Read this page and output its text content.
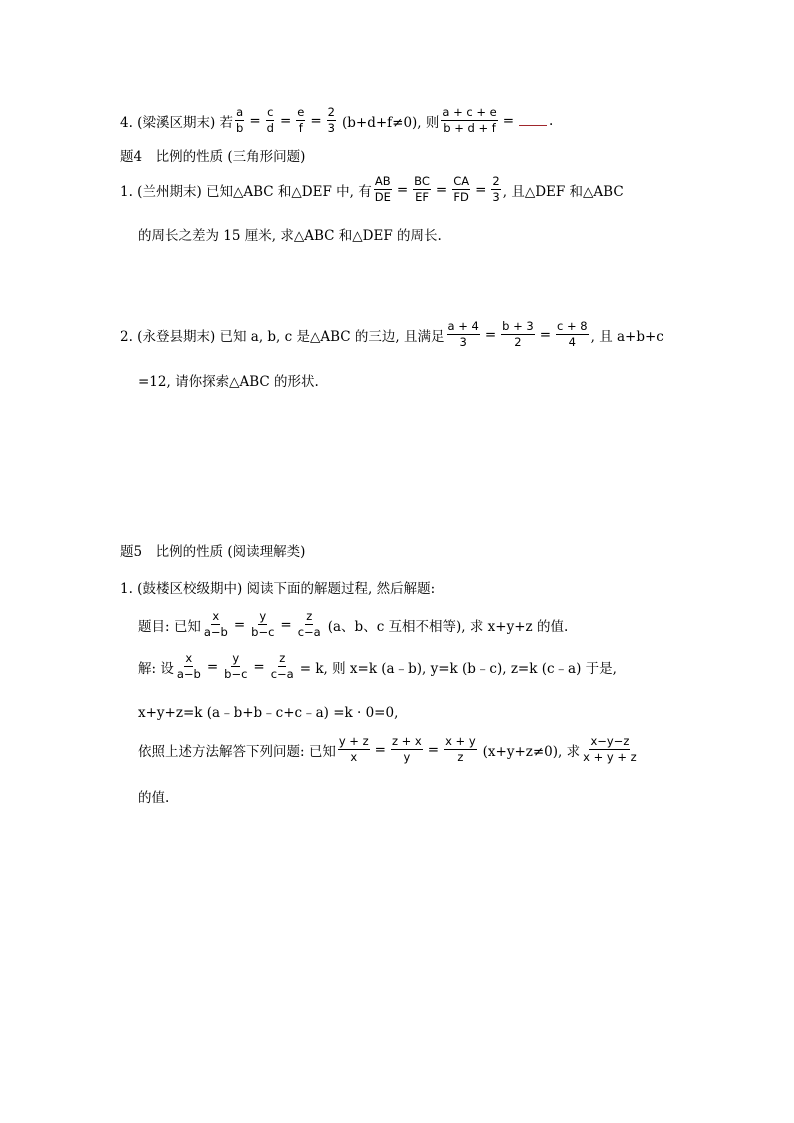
4. (梁溪区期末) 若 $\frac{a}{b} = \frac{c}{d} = \frac{e}{f} = \frac{2}{3} (b+d+f\ne 0)$, 则 $\frac{a + c + e}{b + d + f}$ =	.
题4　比例的性质 (三角形问题)
1. (兰州期末) 已知△ABC 和△DEF 中, 有 $\frac{AB}{DE} = \frac{BC}{EF} = \frac{CA}{FD} = \frac{2}{3}$ , 且△DEF 和△ABC
的周长之差为 15 厘米, 求△ABC 和△DEF 的周长.
2. (永登县期末) 已知 a, b, c 是△ABC 的三边, 且满足 $\frac{a + 4}{3} = \frac{b + 3}{2} = \frac{c + 8}{4}$ , 且 a+b+c
=12, 请你探索△ABC 的形状.
题5　比例的性质 (阅读理解类)
1. (鼓楼区校级期中) 阅读下面的解题过程, 然后解题:
题目: 已知 $\frac{x}{a-b} = \frac{y}{b-c} = \frac{z}{c-a} (a$、b、c 互相不相等), 求 x+y+z 的值.
解: 设 $\frac{x}{a-b} = \frac{y}{b-c} = \frac{z}{c-a} = k$, 则 x=k (a﹣b), y=k (b﹣c), z=k (c﹣a) 于是,
x+y+z=k (a﹣b+b﹣c+c﹣a) =k · 0=0,
依照上述方法解答下列问题: 已知 $\frac{y + z}{x} = \frac{z + x}{y} = \frac{x + y}{z} (x+y+z\ne 0)$, 求 $\frac{x-y-z}{x + y + z}$
的值.
